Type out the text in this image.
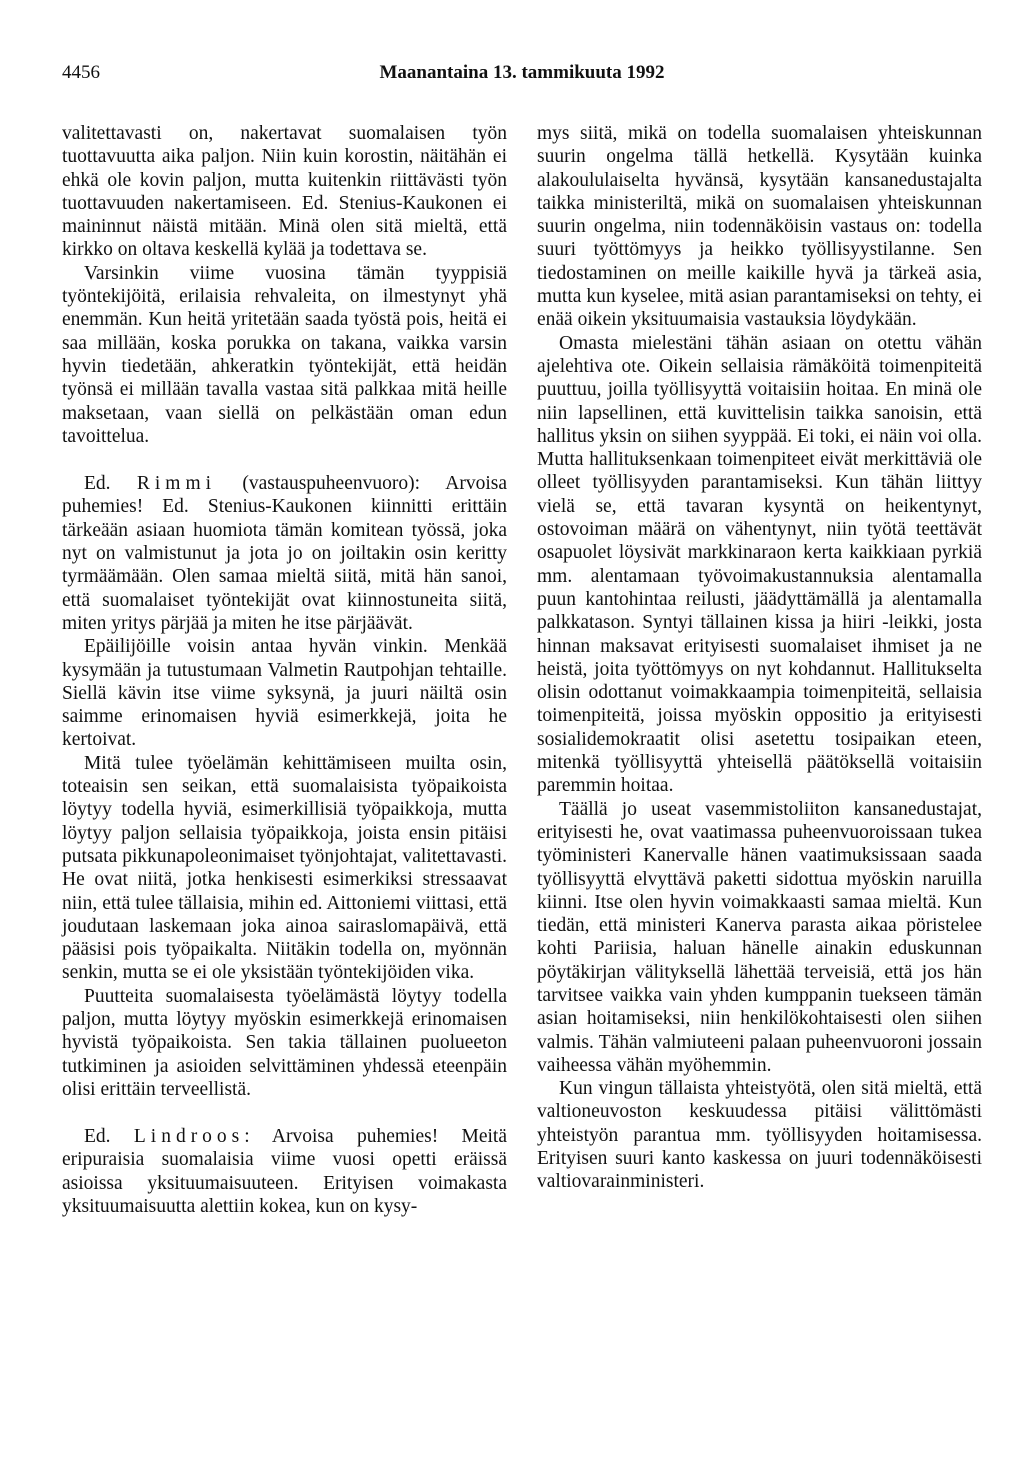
4456	Maanantaina 13. tammikuuta 1992

valitettavasti on, nakertavat suomalaisen työn tuottavuutta aika paljon. Niin kuin korostin, näitähän ei ehkä ole kovin paljon, mutta kuitenkin riittävästi työn tuottavuuden nakertamiseen. Ed. Stenius-Kaukonen ei maininnut näistä mitään. Minä olen sitä mieltä, että kirkko on oltava keskellä kylää ja todettava se.

Varsinkin viime vuosina tämän tyyppisiä työntekijöitä, erilaisia rehvaleita, on ilmestynyt yhä enemmän. Kun heitä yritetään saada työstä pois, heitä ei saa millään, koska porukka on takana, vaikka varsin hyvin tiedetään, ahkeratkin työntekijät, että heidän työnsä ei millään tavalla vastaa sitä palkkaa mitä heille maksetaan, vaan siellä on pelkästään oman edun tavoittelua.

Ed. Rimmi (vastauspuheenvuoro): Arvoisa puhemies! Ed. Stenius-Kaukonen kiinnitti erittäin tärkeään asiaan huomiota tämän komitean työssä, joka nyt on valmistunut ja jota jo on joiltakin osin keritty tyrmäämään. Olen samaa mieltä siitä, mitä hän sanoi, että suomalaiset työntekijät ovat kiinnostuneita siitä, miten yritys pärjää ja miten he itse pärjäävät.

Epäilijöille voisin antaa hyvän vinkin. Menkää kysymään ja tutustumaan Valmetin Rautpohjan tehtaille. Siellä kävin itse viime syksynä, ja juuri näiltä osin saimme erinomaisen hyviä esimerkkejä, joita he kertoivat.

Mitä tulee työelämän kehittämiseen muilta osin, toteaisin sen seikan, että suomalaisista työpaikoista löytyy todella hyviä, esimerkillisiä työpaikkoja, mutta löytyy paljon sellaisia työpaikkoja, joista ensin pitäisi putsata pikkunapoleonimaiset työnjohtajat, valitettavasti. He ovat niitä, jotka henkisesti esimerkiksi stressaavat niin, että tulee tällaisia, mihin ed. Aittoniemi viittasi, että joudutaan laskemaan joka ainoa sairaslomapäivä, että pääsisi pois työpaikalta. Niitäkin todella on, myönnän senkin, mutta se ei ole yksistään työntekijöiden vika.

Puutteita suomalaisesta työelämästä löytyy todella paljon, mutta löytyy myöskin esimerkkejä erinomaisen hyvistä työpaikoista. Sen takia tällainen puolueeton tutkiminen ja asioiden selvittäminen yhdessä eteenpäin olisi erittäin terveellistä.

Ed. Lindroos: Arvoisa puhemies! Meitä eripuraisia suomalaisia viime vuosi opetti eräissä asioissa yksituumaisuuteen. Erityisen voimakasta yksituumaisuutta alettiin kokea, kun on kysy-

mys siitä, mikä on todella suomalaisen yhteiskunnan suurin ongelma tällä hetkellä. Kysytään kuinka alakoululaiselta hyvänsä, kysytään kansanedustajalta taikka ministeriltä, mikä on suomalaisen yhteiskunnan suurin ongelma, niin todennäköisin vastaus on: todella suuri työttömyys ja heikko työllisyystilanne. Sen tiedostaminen on meille kaikille hyvä ja tärkeä asia, mutta kun kyselee, mitä asian parantamiseksi on tehty, ei enää oikein yksituumaisia vastauksia löydykään.

Omasta mielestäni tähän asiaan on otettu vähän ajelehtiva ote. Oikein sellaisia rämäköitä toimenpiteitä puuttuu, joilla työllisyyttä voitaisiin hoitaa. En minä ole niin lapsellinen, että kuvittelisin taikka sanoisin, että hallitus yksin on siihen syyppää. Ei toki, ei näin voi olla. Mutta hallituksenkaan toimenpiteet eivät merkittäviä ole olleet työllisyyden parantamiseksi. Kun tähän liittyy vielä se, että tavaran kysyntä on heikentynyt, ostovoiman määrä on vähentynyt, niin työtä teettävät osapuolet löysivät markkinaraon kerta kaikkiaan pyrkiä mm. alentamaan työvoimakustannuksia alentamalla puun kantohintaa reilusti, jäädyttämällä ja alentamalla palkkatason. Syntyi tällainen kissa ja hiiri -leikki, josta hinnan maksavat erityisesti suomalaiset ihmiset ja ne heistä, joita työttömyys on nyt kohdannut. Hallitukselta olisin odottanut voimakkaampia toimenpiteitä, sellaisia toimenpiteitä, joissa myöskin oppositio ja erityisesti sosialidemokraatit olisi asetettu tosipaikan eteen, mitenkä työllisyyttä yhteisellä päätöksellä voitaisiin paremmin hoitaa.

Täällä jo useat vasemmistoliiton kansanedustajat, erityisesti he, ovat vaatimassa puheenvuoroissaan tukea työministeri Kanervalle hänen vaatimuksissaan saada työllisyyttä elvyttävä paketti sidottua myöskin naruilla kiinni. Itse olen hyvin voimakkaasti samaa mieltä. Kun tiedän, että ministeri Kanerva parasta aikaa pöristelee kohti Pariisia, haluan hänelle ainakin eduskunnan pöytäkirjan välityksellä lähettää terveisiä, että jos hän tarvitsee vaikka vain yhden kumppanin tuekseen tämän asian hoitamiseksi, niin henkilökohtaisesti olen siihen valmis. Tähän valmiuteeni palaan puheenvuoroni jossain vaiheessa vähän myöhemmin.

Kun vingun tällaista yhteistyötä, olen sitä mieltä, että valtioneuvoston keskuudessa pitäisi välittömästi yhteistyön parantua mm. työllisyyden hoitamisessa. Erityisen suuri kanto kaskessa on juuri todennäköisesti valtiovarainministeri.
